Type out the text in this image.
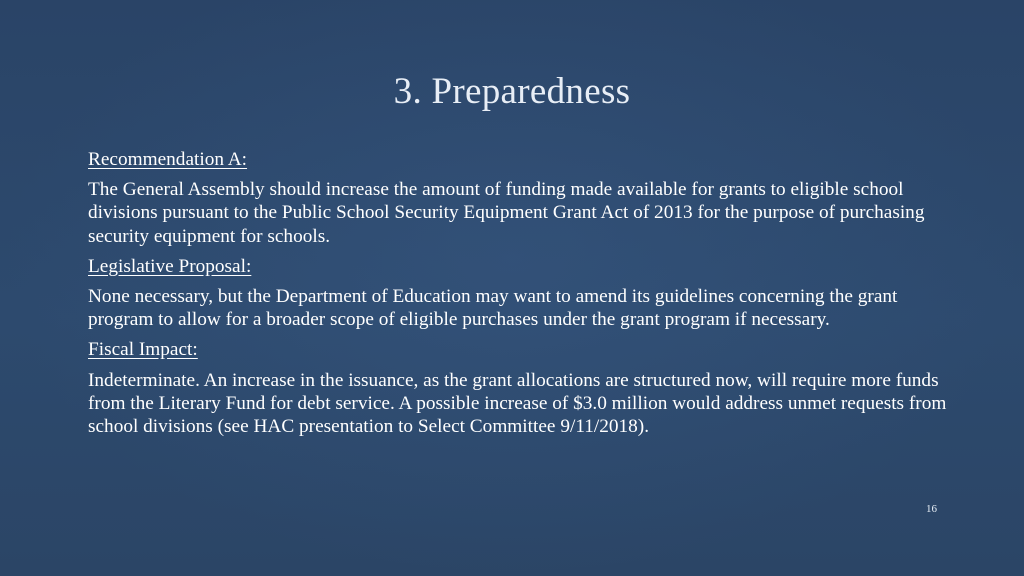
3. Preparedness
Recommendation A:
The General Assembly should increase the amount of funding made available for grants to eligible school divisions pursuant to the Public School Security Equipment Grant Act of 2013 for the purpose of purchasing security equipment for schools.
Legislative Proposal:
None necessary, but the Department of Education may want to amend its guidelines concerning the grant program to allow for a broader scope of eligible purchases under the grant program if necessary.
Fiscal Impact:
Indeterminate. An increase in the issuance, as the grant allocations are structured now, will require more funds from the Literary Fund for debt service. A possible increase of $3.0 million would address unmet requests from school divisions (see HAC presentation to Select Committee 9/11/2018).
16
